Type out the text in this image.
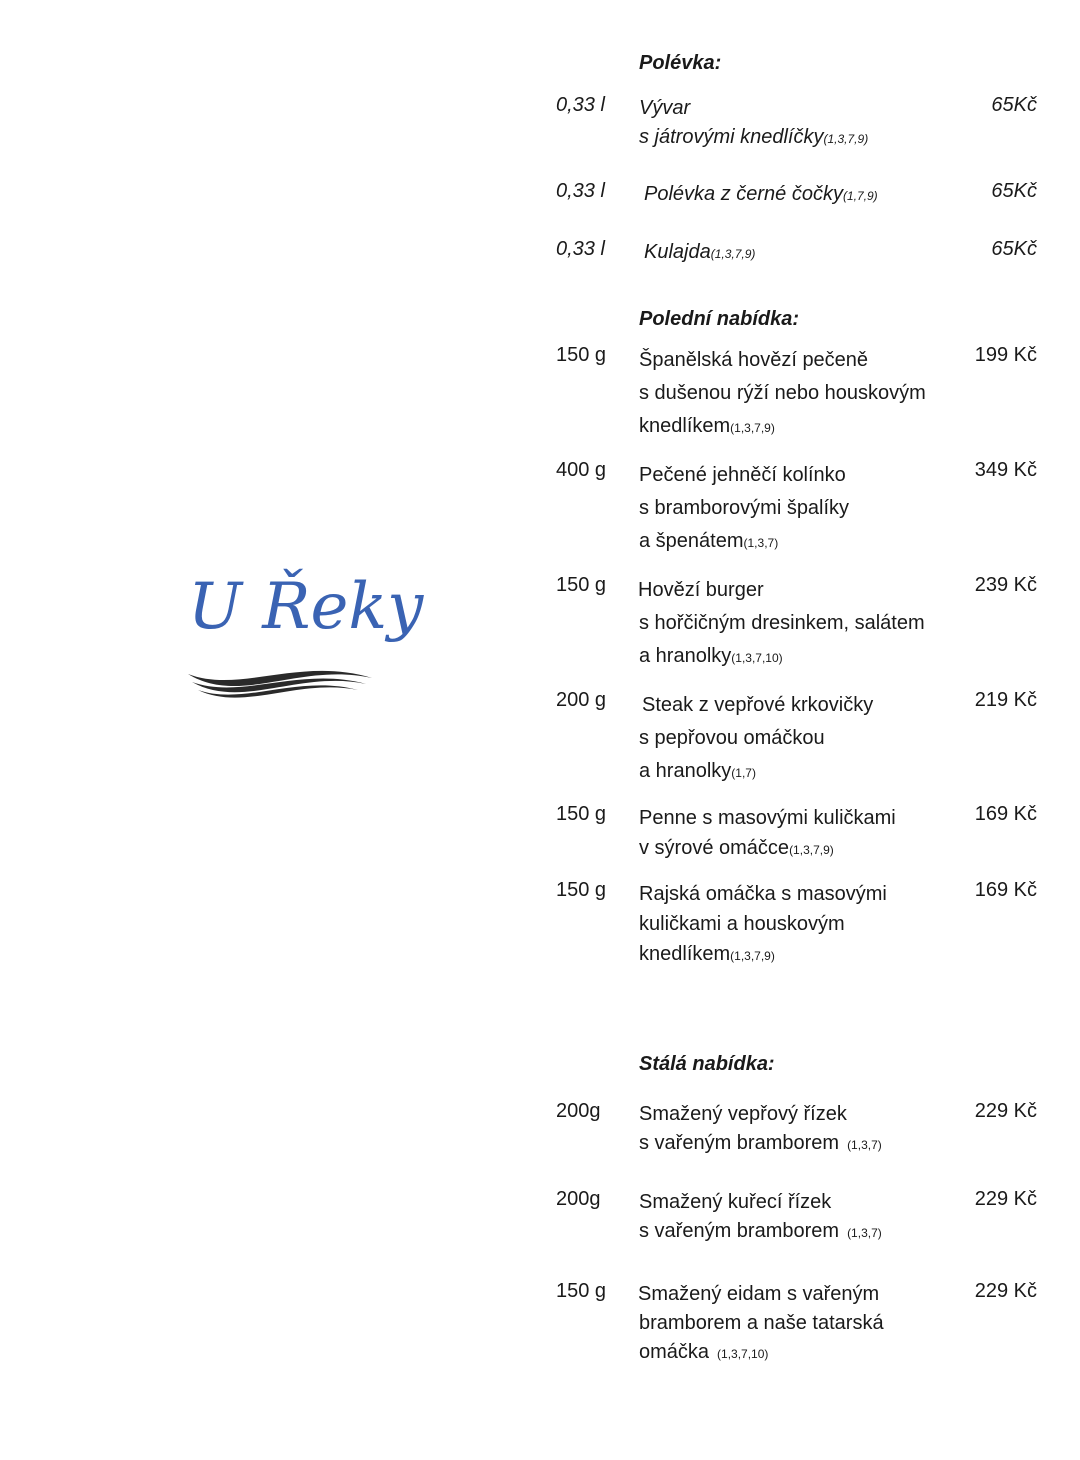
U Řeky
Polévka:
0,33 l Vývar
s játrovými knedlíčky(1,3,7,9)
65Kč
0,33 l Polévka z černé čočky(1,7,9)	65Kč
0,33 l Kulajda(1,3,7,9)	65Kč
Polední nabídka:
150 g Španělská hovězí pečeně
s dušenou rýží nebo houskovým
knedlíkem(1,3,7,9)
199 Kč
400 g Pečené jehněčí kolínko
s bramborovými špalíky
a špenátem(1,3,7)
349 Kč
150 g Hovězí burger
s hořčičným dresinkem, salátem
a hranolky(1,3,7,10)
239 Kč
200 g Steak z vepřové krkovičky
s pepřovou omáčkou
a hranolky(1,7)
219 Kč
150 g Penne s masovými kuličkami
v sýrové omáčce(1,3,7,9)
169 Kč
150 g Rajská omáčka s masovými
kuličkami a houskovým
knedlíkem(1,3,7,9)
169 Kč
Stálá nabídka:
200g Smažený vepřový řízek
s vařeným bramborem (1,3,7)
229 Kč
200g Smažený kuřecí řízek
s vařeným bramborem (1,3,7)
229 Kč
150 g Smažený eidam s vařeným
bramborem a naše tatarská
omáčka (1,3,7,10)
229 Kč
